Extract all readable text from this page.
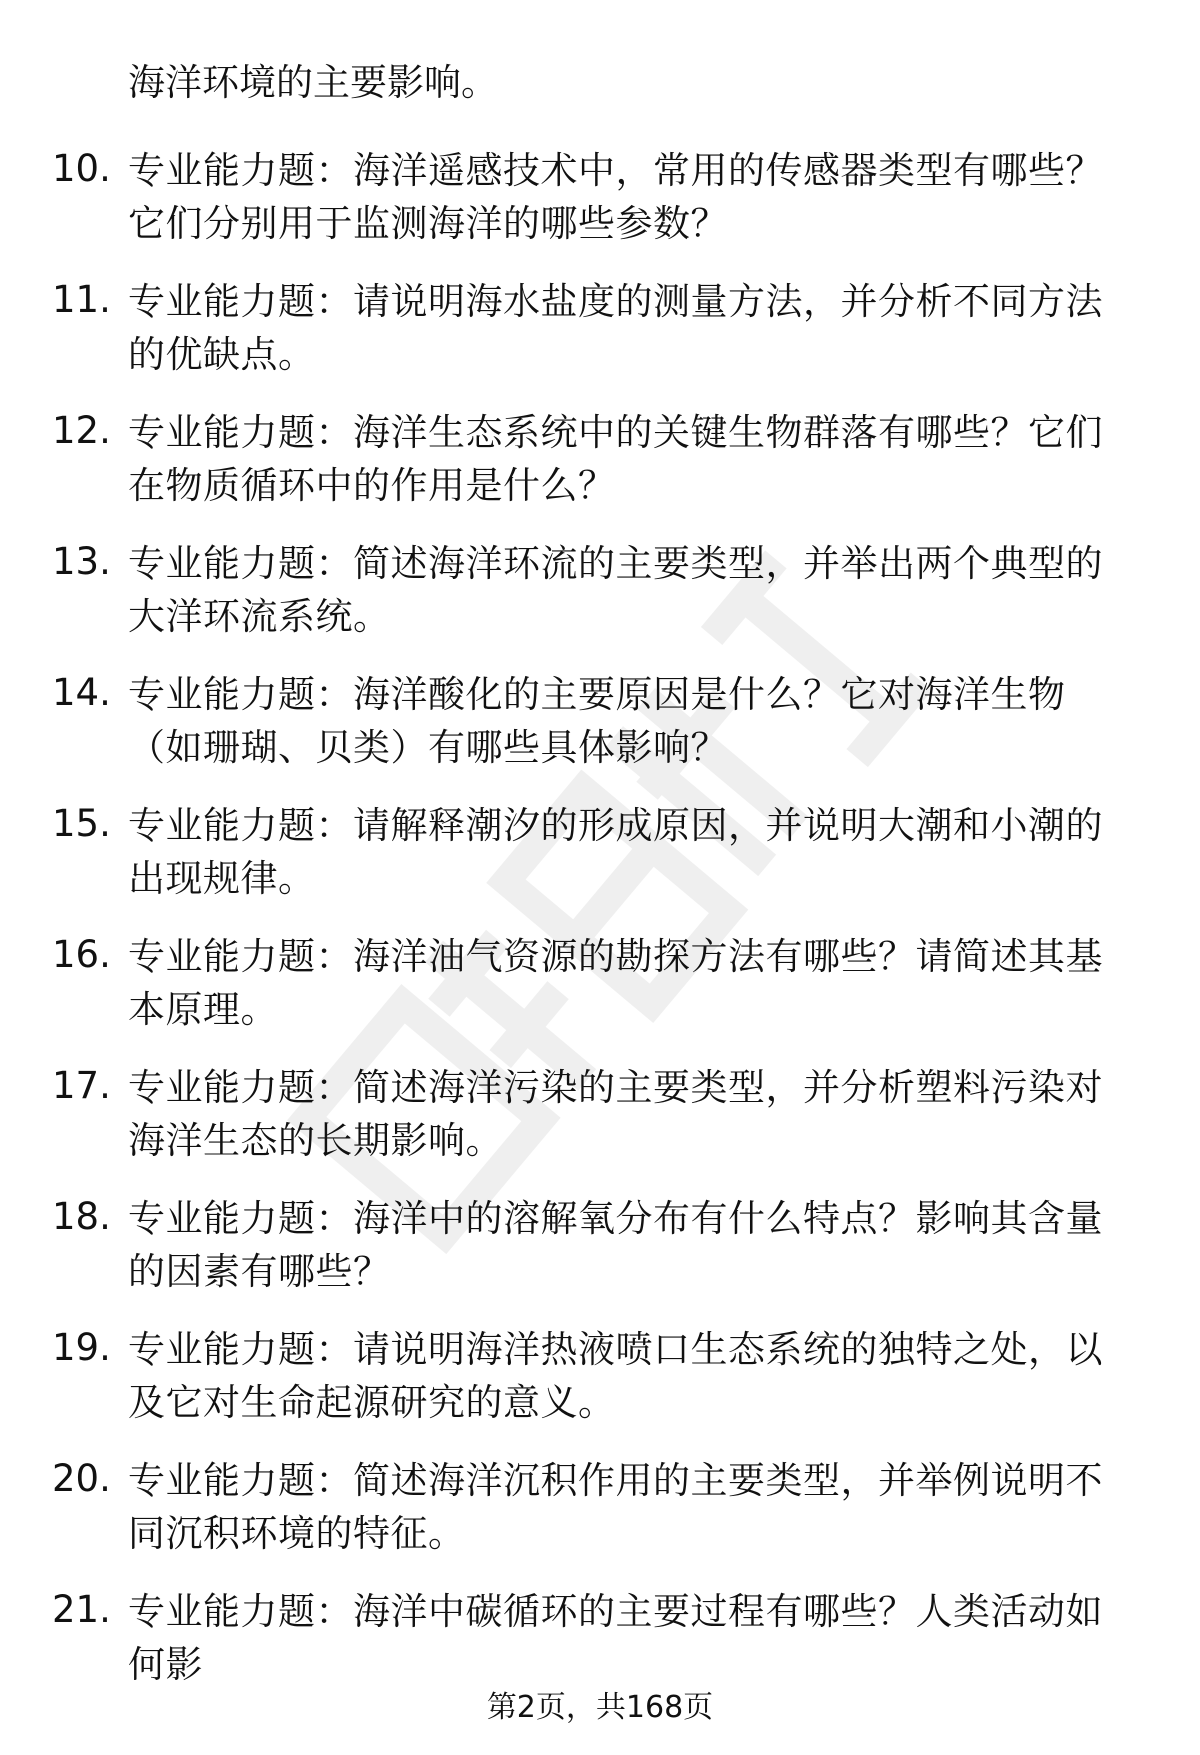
海洋环境的主要影响。

10. 专业能力题：海洋遥感技术中，常用的传感器类型有哪些？它们分别用于监测海洋的哪些参数？
11. 专业能力题：请说明海水盐度的测量方法，并分析不同方法的优缺点。
12. 专业能力题：海洋生态系统中的关键生物群落有哪些？它们在物质循环中的作用是什么？
13. 专业能力题：简述海洋环流的主要类型，并举出两个典型的大洋环流系统。
14. 专业能力题：海洋酸化的主要原因是什么？它对海洋生物（如珊瑚、贝类）有哪些具体影响？
15. 专业能力题：请解释潮汐的形成原因，并说明大潮和小潮的出现规律。
16. 专业能力题：海洋油气资源的勘探方法有哪些？请简述其基本原理。
17. 专业能力题：简述海洋污染的主要类型，并分析塑料污染对海洋生态的长期影响。
18. 专业能力题：海洋中的溶解氧分布有什么特点？影响其含量的因素有哪些？
19. 专业能力题：请说明海洋热液喷口生态系统的独特之处，以及它对生命起源研究的意义。
20. 专业能力题：简述海洋沉积作用的主要类型，并举例说明不同沉积环境的特征。
21. 专业能力题：海洋中碳循环的主要过程有哪些？人类活动如何影
第2页，共168页
